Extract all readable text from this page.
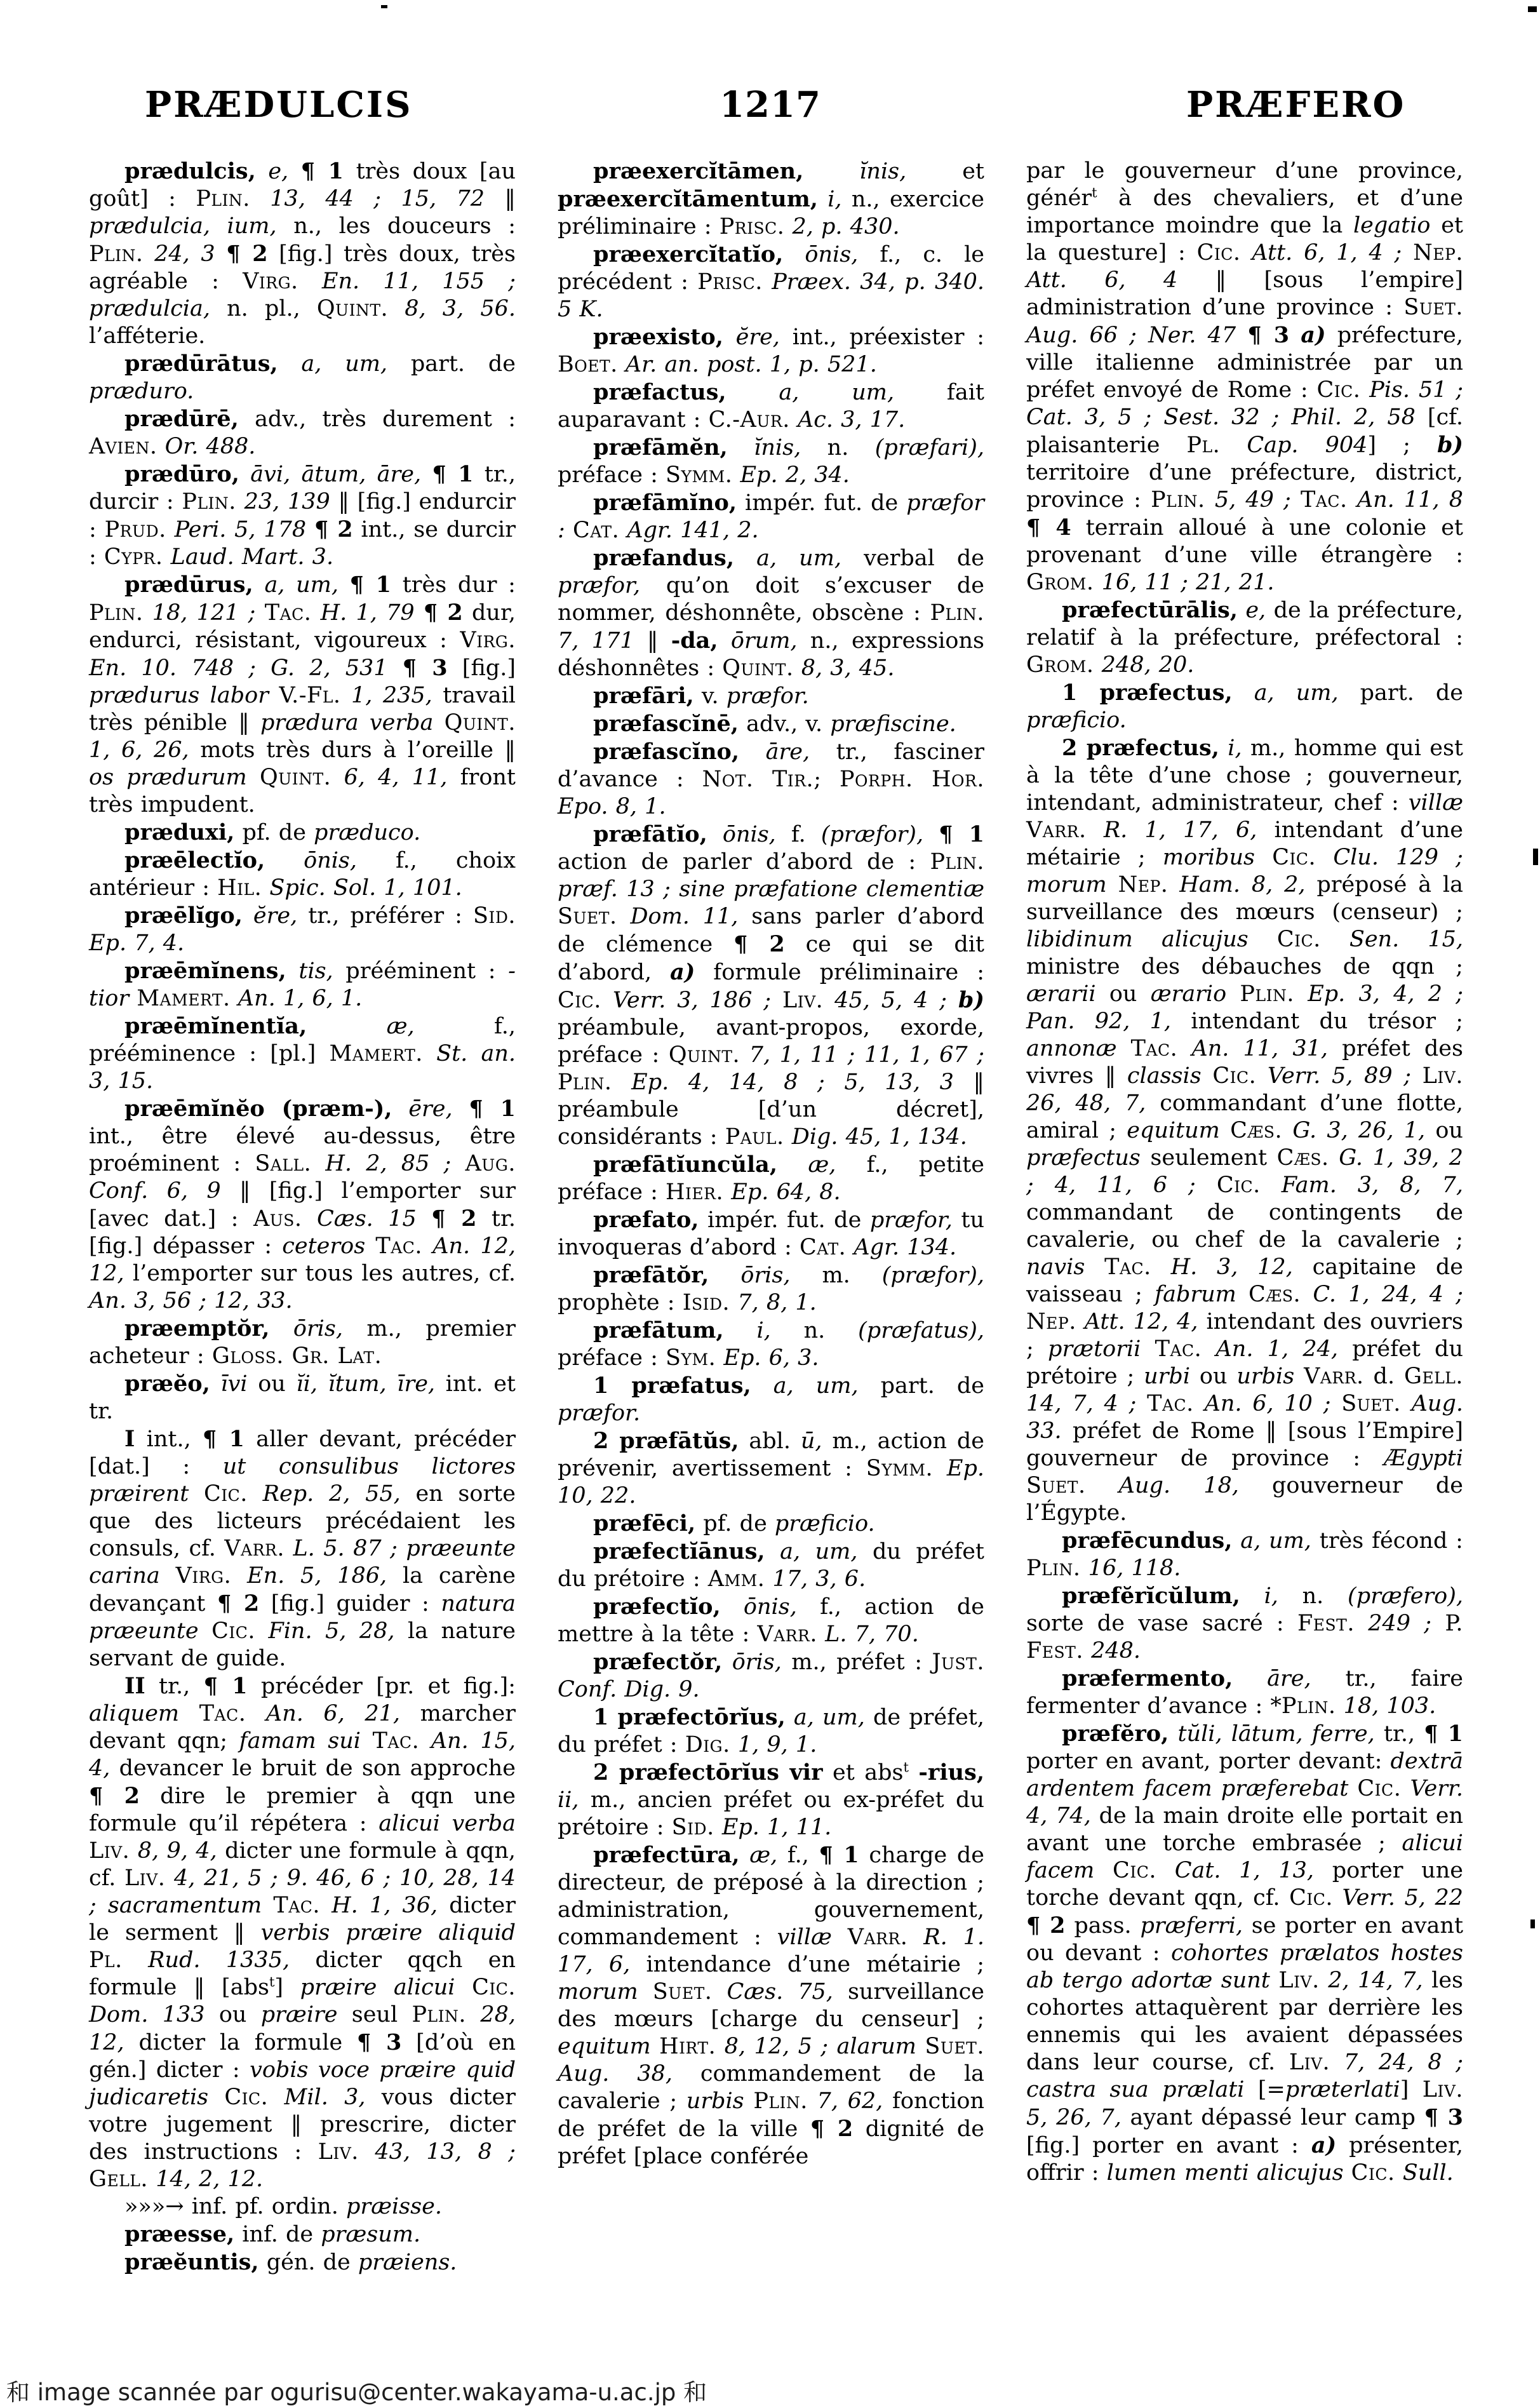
PRÆDULCIS	1217	PRÆFERO

prædulcis, e, ¶ 1 très doux [au goût] : Plin. 13, 44 ; 15, 72 ‖ prædulcia, ium, n., les douceurs : Plin. 24, 3 ¶ 2 [fig.] très doux, très agréable : Virg. En. 11, 155 ; prædulcia, n. pl., Quint. 8, 3, 56. l’afféterie.

prædūrātus, a, um, part. de præduro.

prædūrē, adv., très durement : Avien. Or. 488.

prædūro, āvi, ātum, āre, ¶ 1 tr., durcir : Plin. 23, 139 ‖ [fig.] endurcir : Prud. Peri. 5, 178 ¶ 2 int., se durcir : Cypr. Laud. Mart. 3.

prædūrus, a, um, ¶ 1 très dur : Plin. 18, 121 ; Tac. H. 1, 79 ¶ 2 dur, endurci, résistant, vigoureux : Virg. En. 10. 748 ; G. 2, 531 ¶ 3 [fig.] prædurus labor V.-Fl. 1, 235, travail très pénible ‖ prædura verba Quint. 1, 6, 26, mots très durs à l’oreille ‖ os prædurum Quint. 6, 4, 11, front très impudent.

præduxi, pf. de præduco.

præēlectĭo, ōnis, f., choix antérieur : Hil. Spic. Sol. 1, 101.

præēlĭgo, ĕre, tr., préférer : Sid. Ep. 7, 4.

præēmĭnens, tis, prééminent : -tior Mamert. An. 1, 6, 1.

præēmĭnentĭa,	æ, f., prééminence : [pl.] Mamert. St. an. 3, 15.

præēmĭnĕo (præm-), ēre, ¶ 1 int., être élevé au-dessus, être proéminent : Sall. H. 2, 85 ; Aug. Conf. 6, 9 ‖ [fig.] l’emporter sur [avec dat.] : Aus. Cæs. 15 ¶ 2 tr. [fig.] dépasser : ceteros Tac. An. 12, 12, l’emporter sur tous les autres, cf. An. 3, 56 ; 12, 33.

præemptŏr, ōris, m., premier acheteur : Gloss. Gr. Lat.

præĕo, īvi ou ĭi, ĭtum, īre, int. et tr.

I int., ¶ 1 aller devant, précéder [dat.] : ut consulibus lictores præirent Cic. Rep. 2, 55, en sorte que des licteurs précédaient les consuls, cf. Varr. L. 5. 87 ; præeunte carina Virg. En. 5, 186, la carène devançant ¶ 2 [fig.] guider : natura præeunte Cic. Fin. 5, 28, la nature servant de guide.

II tr., ¶ 1 précéder [pr. et fig.]: aliquem Tac. An. 6, 21, marcher devant qqn; famam sui Tac. An. 15, 4, devancer le bruit de son approche ¶ 2 dire le premier à qqn une formule qu’il répétera : alicui verba Liv. 8, 9, 4, dicter une formule à qqn, cf. Liv. 4, 21, 5 ; 9. 46, 6 ; 10, 28, 14 ; sacramentum Tac. H. 1, 36, dicter le serment ‖ verbis præire aliquid Pl. Rud. 1335, dicter qqch en formule ‖ [abs$^t$] præire alicui Cic. Dom. 133 ou præire seul Plin. 28, 12, dicter la formule ¶ 3 [d’où en gén.] dicter : vobis voce præire quid judicaretis Cic. Mil. 3, vous dicter votre jugement ‖ prescrire, dicter des instructions : Liv. 43, 13, 8 ; Gell. 14, 2, 12.

»»»→ inf. pf. ordin. præisse.

præesse, inf. de præsum.

præĕuntis, gén. de præiens.

præexercĭtāmen,	ĭnis, et præexercĭtāmentum, i, n., exercice préliminaire : Prisc. 2, p. 430.

præexercĭtatĭo, ōnis, f., c. le précédent : Prisc. Præex. 34, p. 340. 5 K.

præexisto, ĕre, int., préexister : Boet. Ar. an. post. 1, p. 521.

præfactus, a, um, fait auparavant : C.-Aur. Ac. 3, 17.

præfāmĕn, ĭnis, n. (præfari), préface : Symm. Ep. 2, 34.

præfāmĭno, impér. fut. de præfor : Cat. Agr. 141, 2.

præfandus, a, um, verbal de præfor, qu’on doit s’excuser de nommer, déshonnête, obscène : Plin. 7, 171 ‖ -da, ōrum, n., expressions déshonnêtes : Quint. 8, 3, 45.

præfāri, v. præfor.

præfascĭnē, adv., v. præfiscine.

præfascĭno, āre, tr., fasciner d’avance : Not. Tir.; Porph. Hor. Epo. 8, 1.

præfātĭo, ōnis, f. (præfor), ¶ 1 action de parler d’abord de : Plin. præf. 13 ; sine præfatione clementiæ Suet. Dom. 11, sans parler d’abord de clémence ¶ 2 ce qui se dit d’abord, a) formule préliminaire : Cic. Verr. 3, 186 ; Liv. 45, 5, 4 ; b) préambule, avant-propos, exorde, préface : Quint. 7, 1, 11 ; 11, 1, 67 ; Plin. Ep. 4, 14, 8 ; 5, 13, 3 ‖ préambule [d’un décret], considérants : Paul. Dig. 45, 1, 134.

præfātĭuncŭla, æ, f., petite préface : Hier. Ep. 64, 8.

præfato, impér. fut. de præfor, tu invoqueras d’abord : Cat. Agr. 134.

præfātŏr, ōris, m. (præfor), prophète : Isid. 7, 8, 1.

præfātum, i, n. (præfatus), préface : Sym. Ep. 6, 3.

1 præfatus, a, um, part. de præfor.

2 præfātŭs, abl. ū, m., action de prévenir, avertissement : Symm. Ep. 10, 22.

præfēci, pf. de præficio.

præfectĭānus, a, um, du préfet du prétoire : Amm. 17, 3, 6.

præfectĭo, ōnis, f., action de mettre à la tête : Varr. L. 7, 70.

præfectŏr, ōris, m., préfet : Just. Conf. Dig. 9.

1 præfectōrĭus, a, um, de préfet, du préfet : Dig. 1, 9, 1.

2 præfectōrĭus vir et abs$^t$ -rius, ii, m., ancien préfet ou ex-préfet du prétoire : Sid. Ep. 1, 11.

præfectūra, æ, f., ¶ 1 charge de directeur, de préposé à la direction ; administration, gouvernement, commandement : villæ Varr. R. 1. 17, 6, intendance d’une métairie ; morum Suet. Cæs. 75, surveillance des mœurs [charge du censeur] ; equitum Hirt. 8, 12, 5 ; alarum Suet. Aug. 38, commandement de la cavalerie ; urbis Plin. 7, 62, fonction de préfet de la ville ¶ 2 dignité de préfet [place conférée

par le gouverneur d’une province, génér$^t$ à des chevaliers, et d’une importance moindre que la legatio et la questure] : Cic. Att. 6, 1, 4 ; Nep. Att. 6, 4 ‖ [sous l’empire] administration d’une province : Suet. Aug. 66 ; Ner. 47 ¶ 3 a) préfecture, ville italienne administrée par un préfet envoyé de Rome : Cic. Pis. 51 ; Cat. 3, 5 ; Sest. 32 ; Phil. 2, 58 [cf. plaisanterie Pl. Cap. 904] ; b) territoire d’une préfecture, district, province : Plin. 5, 49 ; Tac. An. 11, 8 ¶ 4 terrain alloué à une colonie et provenant d’une ville étrangère : Grom. 16, 11 ; 21, 21.

præfectūrālis, e, de la préfecture, relatif à la préfecture, préfectoral : Grom. 248, 20.

1 præfectus, a, um, part. de præficio.

2 præfectus, i, m., homme qui est à la tête d’une chose ; gouverneur, intendant, administrateur, chef : villæ Varr. R. 1, 17, 6, intendant d’une métairie ; moribus Cic. Clu. 129 ; morum Nep. Ham. 8, 2, préposé à la surveillance des mœurs (censeur) ; libidinum alicujus Cic. Sen. 15, ministre des débauches de qqn ; ærarii ou ærario Plin. Ep. 3, 4, 2 ; Pan. 92, 1, intendant du trésor ; annonæ Tac. An. 11, 31, préfet des vivres ‖ classis Cic. Verr. 5, 89 ; Liv. 26, 48, 7, commandant d’une flotte, amiral ; equitum Cæs. G. 3, 26, 1, ou præfectus seulement Cæs. G. 1, 39, 2 ; 4, 11, 6 ; Cic. Fam. 3, 8, 7, commandant de contingents de cavalerie, ou chef de la cavalerie ; navis Tac. H. 3, 12, capitaine de vaisseau ; fabrum Cæs. C. 1, 24, 4 ; Nep. Att. 12, 4, intendant des ouvriers ; prætorii Tac. An. 1, 24, préfet du prétoire ; urbi ou urbis Varr. d. Gell. 14, 7, 4 ; Tac. An. 6, 10 ; Suet. Aug. 33. préfet de Rome ‖ [sous l’Empire] gouverneur de province : Ægypti Suet. Aug. 18, gouverneur de l’Égypte.

præfēcundus, a, um, très fécond : Plin. 16, 118.

præfĕrĭcŭlum, i, n. (præfero), sorte de vase sacré : Fest. 249 ; P. Fest. 248.

præfermento, āre, tr., faire fermenter d’avance : *Plin. 18, 103.

præfĕro, tŭli, lātum, ferre, tr., ¶ 1 porter en avant, porter devant: dextrā ardentem facem præferebat Cic. Verr. 4, 74, de la main droite elle portait en avant une torche embrasée ; alicui facem Cic. Cat. 1, 13, porter une torche devant qqn, cf. Cic. Verr. 5, 22 ¶ 2 pass. præferri, se porter en avant ou devant : cohortes prælatos hostes ab tergo adortæ sunt Liv. 2, 14, 7, les cohortes attaquèrent par derrière les ennemis qui les avaient dépassées dans leur course, cf. Liv. 7, 24, 8 ; castra sua prælati [=præterlati] Liv. 5, 26, 7, ayant dépassé leur camp ¶ 3 [fig.] porter en avant : a) présenter, offrir : lumen menti alicujus Cic. Sull.

和 image scannée par ogurisu@center.wakayama-u.ac.jp 和
